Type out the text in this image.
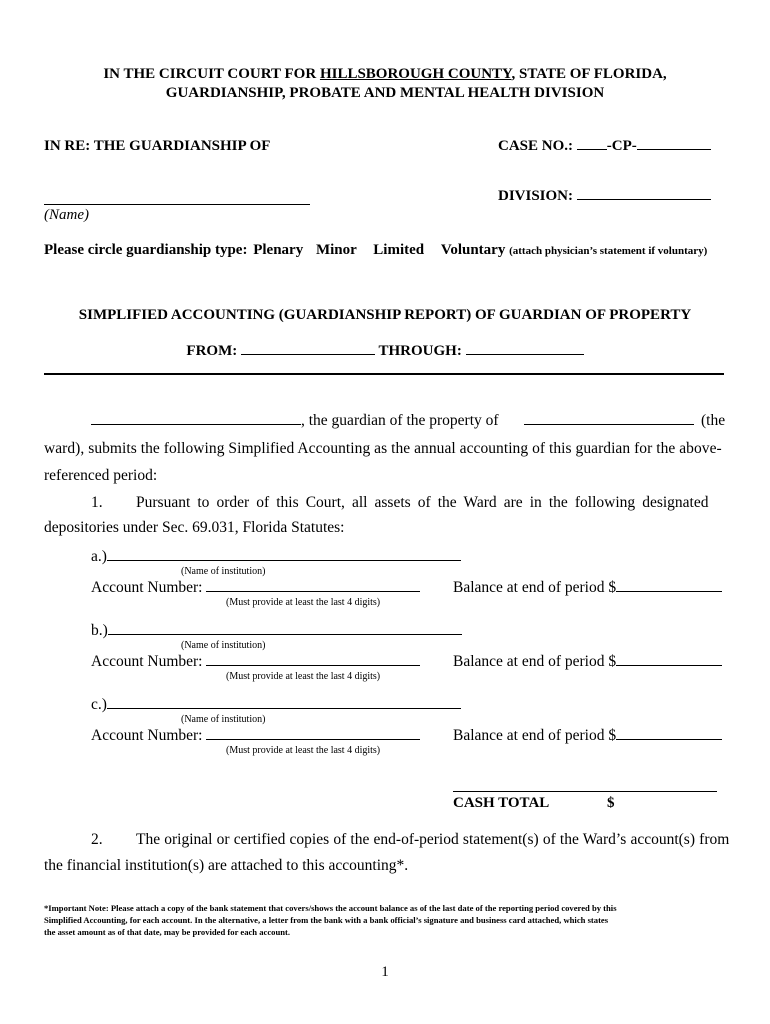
IN THE CIRCUIT COURT FOR HILLSBOROUGH COUNTY, STATE OF FLORIDA,
GUARDIANSHIP, PROBATE AND MENTAL HEALTH DIVISION
IN RE: THE GUARDIANSHIP OF	CASE NO.: -CP-
DIVISION:
(Name)
Please circle guardianship type: Plenary Minor Limited Voluntary (attach physician’s statement if voluntary)
SIMPLIFIED ACCOUNTING (GUARDIANSHIP REPORT) OF GUARDIAN OF PROPERTY
FROM:	THROUGH:
, the guardian of the property of	(the
ward), submits the following Simplified Accounting as the annual accounting of this guardian for the above-
referenced period:
1. Pursuant to order of this Court, all assets of the Ward are in the following designated
depositories under Sec. 69.031, Florida Statutes:
a.)
(Name of institution)
Account Number:	Balance at end of period $
(Must provide at least the last 4 digits)
b.)
(Name of institution)
Account Number:	Balance at end of period $
(Must provide at least the last 4 digits)
c.)
(Name of institution)
Account Number:	Balance at end of period $
(Must provide at least the last 4 digits)
CASH TOTAL	$
2. The original or certified copies of the end-of-period statement(s) of the Ward’s account(s) from
the financial institution(s) are attached to this accounting*.
*Important Note: Please attach a copy of the bank statement that covers/shows the account balance as of the last date of the reporting period covered by this
Simplified Accounting, for each account. In the alternative, a letter from the bank with a bank official’s signature and business card attached, which states
the asset amount as of that date, may be provided for each account.
1
